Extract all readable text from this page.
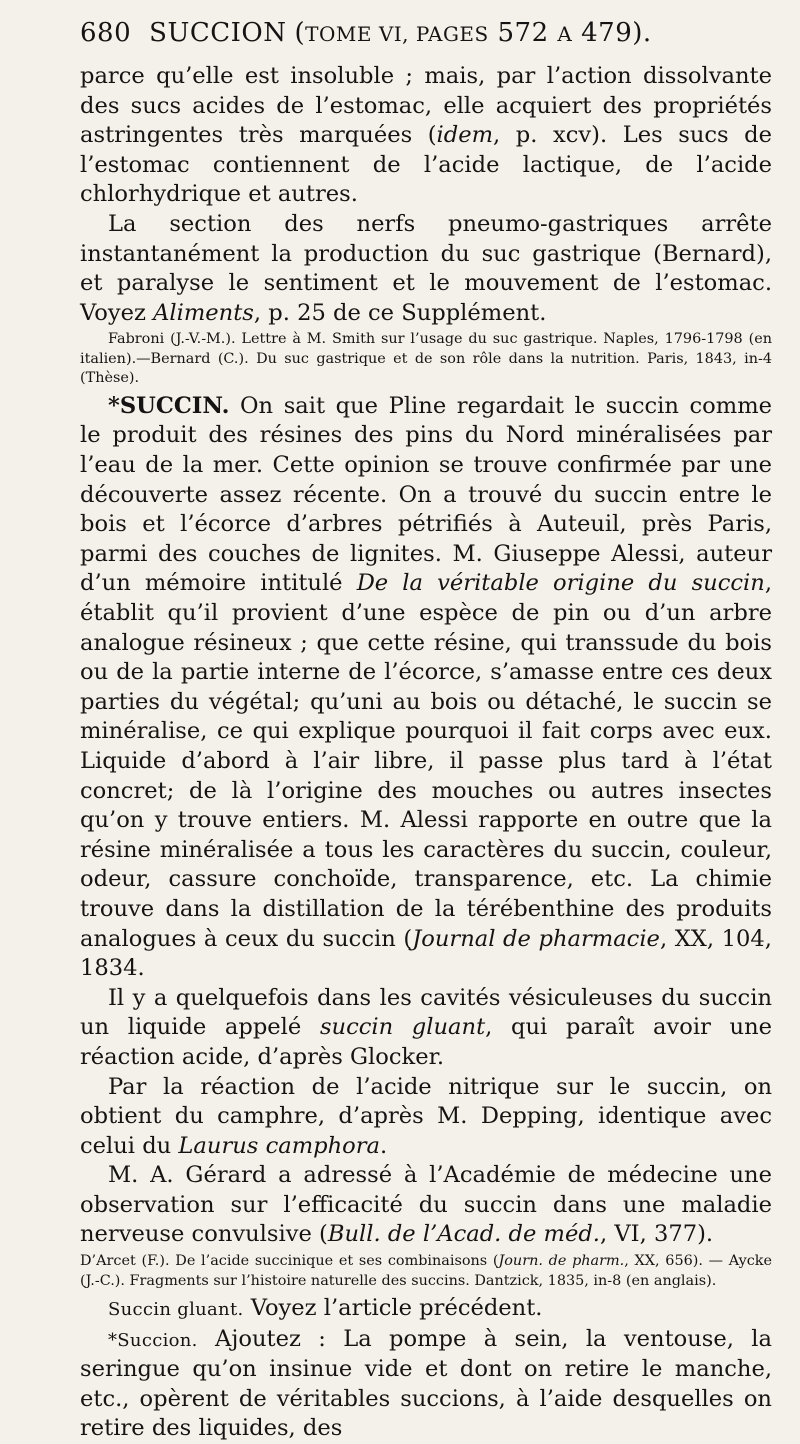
680 SUCCION ( TOME VI, PAGES
572
A
479).

parce qu’elle est insoluble ; mais, par l’action dissolvante des sucs acides de l’estomac, elle acquiert des propriétés astringentes très marquées (idem, p. xcv). Les sucs de l’estomac contiennent de l’acide lactique, de l’acide chlorhydrique et autres.

La section des nerfs pneumo-gastriques arrête instantanément la production du suc gastrique (Bernard), et paralyse le sentiment et le mouvement de l’estomac. Voyez Aliments, p. 25 de ce Supplément.

Fabroni (J.-V.-M.). Lettre à M. Smith sur l’usage du suc gastrique. Naples, 1796-1798 (en italien).—Bernard (C.). Du suc gastrique et de son rôle dans la nutrition. Paris, 1843, in-4 (Thèse).

*SUCCIN. On sait que Pline regardait le succin comme le produit des résines des pins du Nord minéralisées par l’eau de la mer. Cette opinion se trouve confirmée par une découverte assez récente. On a trouvé du succin entre le bois et l’écorce d’arbres pétrifiés à Auteuil, près Paris, parmi des couches de lignites. M. Giuseppe Alessi, auteur d’un mémoire intitulé De la véritable origine du succin, établit qu’il provient d’une espèce de pin ou d’un arbre analogue résineux ; que cette résine, qui transsude du bois ou de la partie interne de l’écorce, s’amasse entre ces deux parties du végétal; qu’uni au bois ou détaché, le succin se minéralise, ce qui explique pourquoi il fait corps avec eux. Liquide d’abord à l’air libre, il passe plus tard à l’état concret; de là l’origine des mouches ou autres insectes qu’on y trouve entiers. M. Alessi rapporte en outre que la résine minéralisée a tous les caractères du succin, couleur, odeur, cassure conchoïde, transparence, etc. La chimie trouve dans la distillation de la térébenthine des produits analogues à ceux du succin (Journal de pharmacie, XX, 104, 1834.

Il y a quelquefois dans les cavités vésiculeuses du succin un liquide appelé succin gluant, qui paraît avoir une réaction acide, d’après Glocker.

Par la réaction de l’acide nitrique sur le succin, on obtient du camphre, d’après M. Depping, identique avec celui du Laurus camphora.

M. A. Gérard a adressé à l’Académie de médecine une observation sur l’efficacité du succin dans une maladie nerveuse convulsive (Bull. de l’Acad. de méd., VI, 377).

D’Arcet (F.). De l’acide succinique et ses combinaisons (Journ. de pharm., XX, 656). — Aycke (J.-C.). Fragments sur l’histoire naturelle des succins. Dantzick, 1835, in-8 (en anglais).

Succin gluant. Voyez l’article précédent.

*Succion. Ajoutez : La pompe à sein, la ventouse, la seringue qu’on insinue vide et dont on retire le manche, etc., opèrent de véritables succions, à l’aide desquelles on retire des liquides, des
